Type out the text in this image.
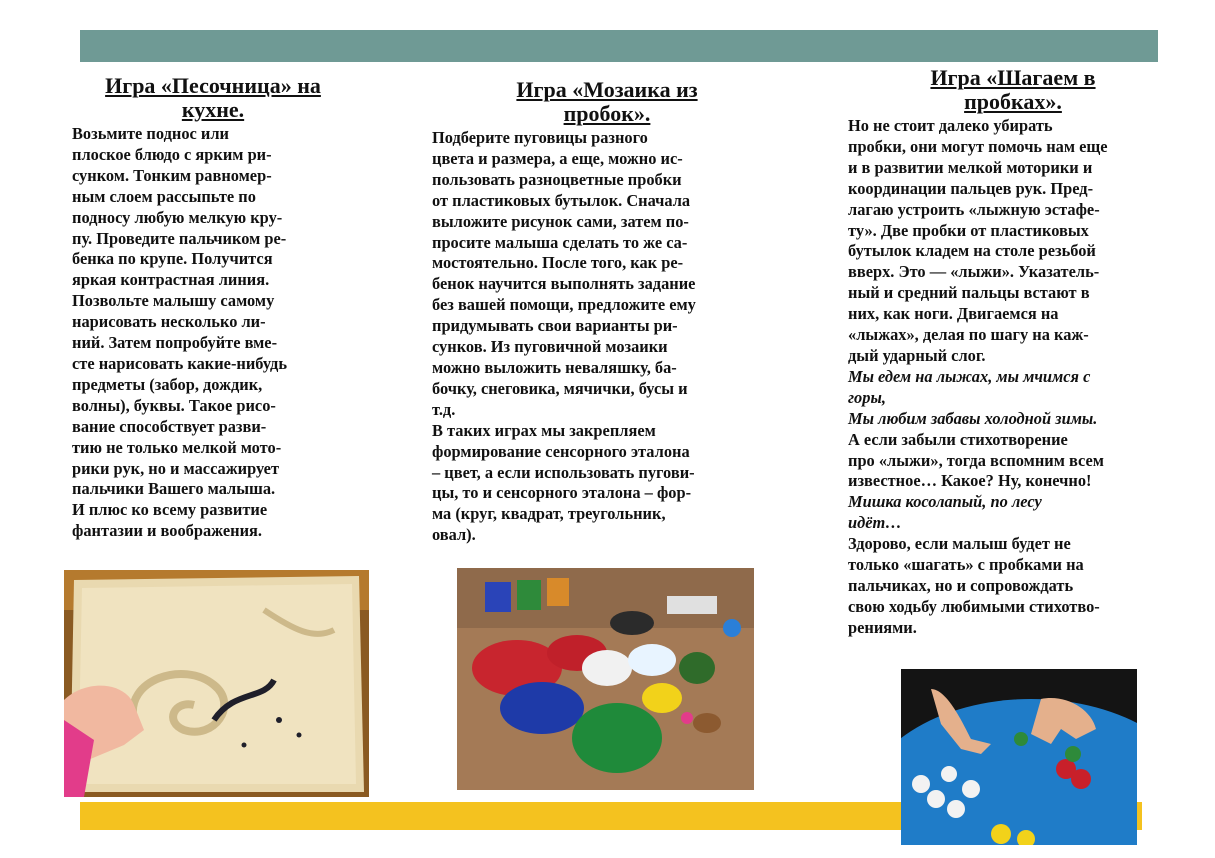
Игра «Песочница» на
кухне.

Возьмите поднос или
плоское блюдо с ярким ри-
сунком. Тонким равномер-
ным слоем рассыпьте по
подносу любую мелкую кру-
пу. Проведите пальчиком ре-
бенка по крупе. Получится
яркая контрастная линия.
Позвольте малышу самому
нарисовать несколько ли-
ний. Затем попробуйте вме-
сте нарисовать какие-нибудь
предметы (забор, дождик,
волны), буквы. Такое рисо-
вание способствует разви-
тию не только мелкой мото-
рики рук, но и массажирует
пальчики Вашего малыша.
И плюс ко всему развитие
фантазии и воображения.

Игра «Мозаика из
пробок».

Подберите пуговицы разного
цвета и размера, а еще, можно ис-
пользовать разноцветные пробки
от пластиковых бутылок. Сначала
выложите рисунок сами, затем по-
просите малыша сделать то же са-
мостоятельно. После того, как ре-
бенок научится выполнять задание
без вашей помощи, предложите ему
придумывать свои варианты ри-
сунков. Из пуговичной мозаики
можно выложить неваляшку, ба-
бочку, снеговика, мячички, бусы и
т.д.

В таких играх мы закрепляем
формирование сенсорного эталона
– цвет, а если использовать пугови-
цы, то и сенсорного эталона – фор-
ма (круг, квадрат, треугольник,
овал).

Игра «Шагаем в
пробках».

Но не стоит далеко убирать
пробки, они могут помочь нам еще
и в развитии мелкой моторики и
координации пальцев рук. Пред-
лагаю устроить «лыжную эстафе-
ту». Две пробки от пластиковых
бутылок кладем на столе резьбой
вверх. Это — «лыжи». Указатель-
ный и средний пальцы встают в
них, как ноги. Двигаемся на
«лыжах», делая по шагу на каж-
дый ударный слог.

Мы едем на лыжах, мы мчимся с
горы,
Мы любим забавы холодной зимы.

А если забыли стихотворение
про «лыжи», тогда вспомним всем
известное… Какое? Ну, конечно!

Мишка косолапый, по лесу
идёт…

Здорово, если малыш будет не
только «шагать» с пробками на
пальчиках, но и сопровождать
свою ходьбу любимыми стихотво-
рениями.
